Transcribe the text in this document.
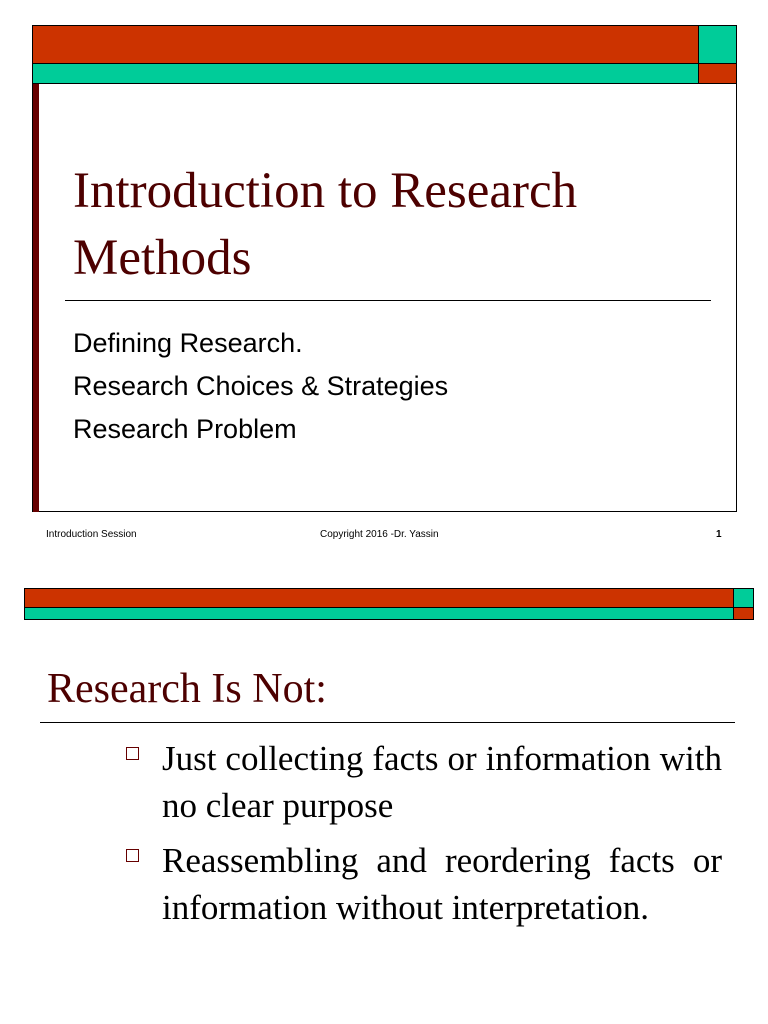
Introduction to Research Methods
Defining Research.
Research Choices & Strategies
Research Problem
Introduction Session	Copyright 2016 -Dr. Yassin	1
Research Is Not:
Just collecting facts or information with no clear purpose
Reassembling and reordering facts or information without interpretation.
